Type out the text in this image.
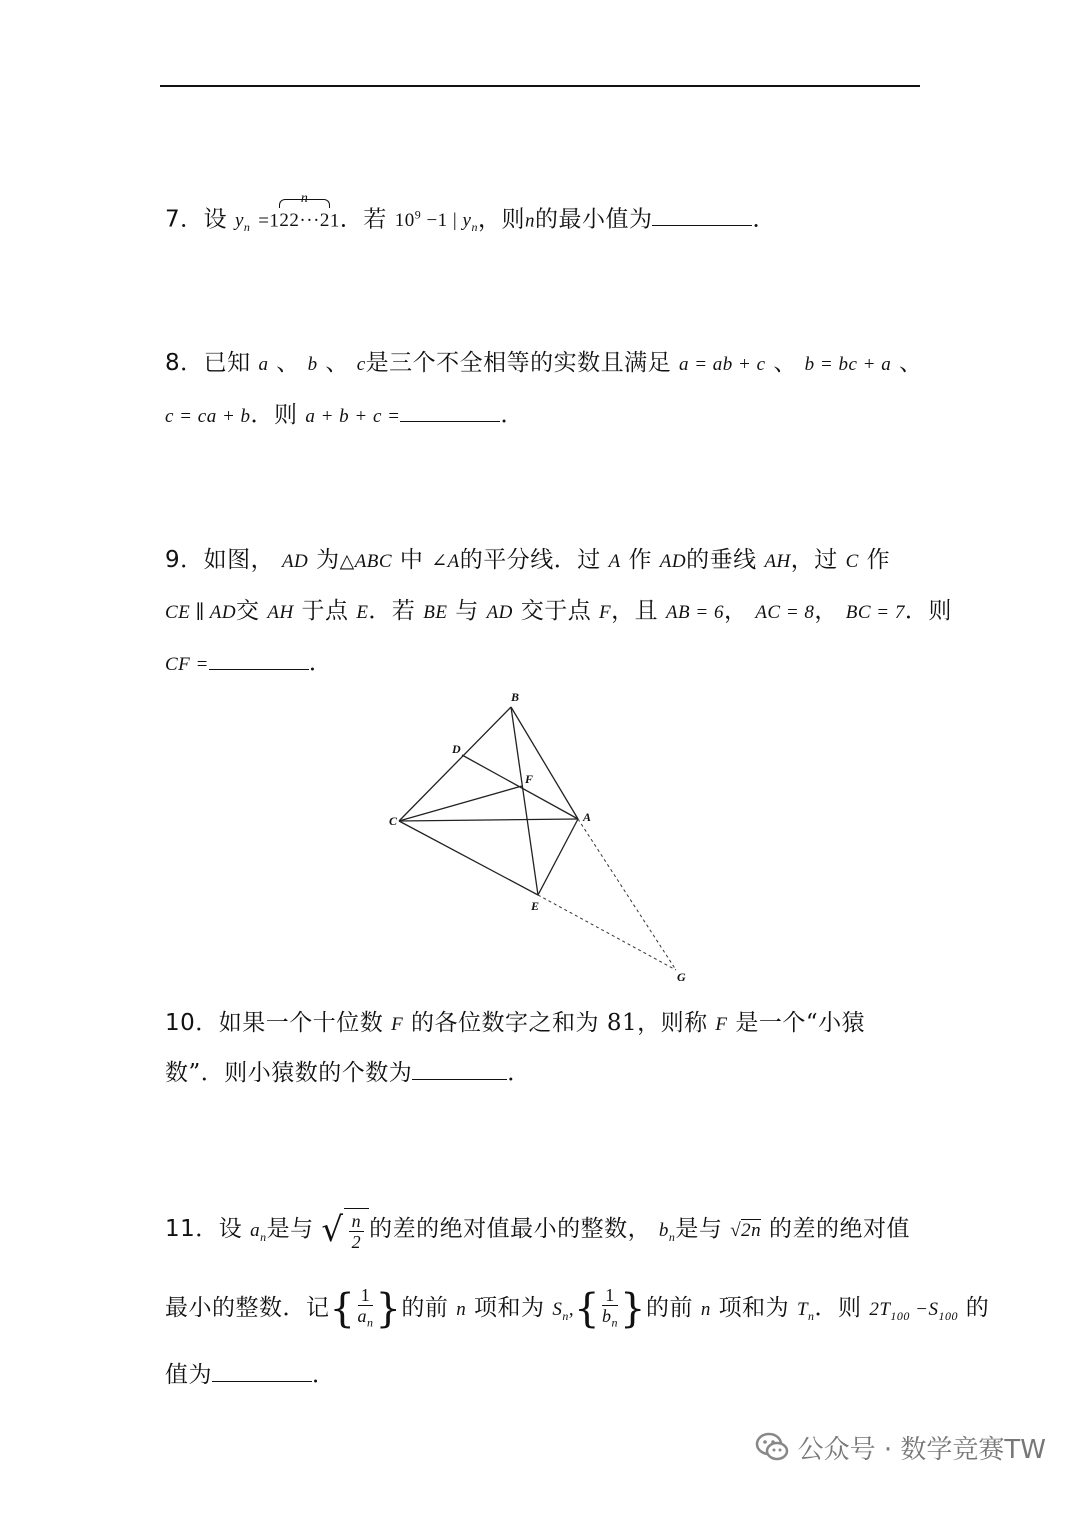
7．设 $y_n =1$
n
22···21．若 $10^9 -1$ | $y_n$，则n的最小值为	．
8．已知 a 、 b 、 c是三个不全相等的实数且满足 a = ab + c 、 b = bc + a 、
c = ca + b．则 a + b + c =	．
9．如图， AD 为△ABC 中 ∠A的平分线．过 A 作 AD的垂线 AH，过 C 作
CE ∥ AD交 AH 于点 E．若 BE 与 AD 交于点 F，且 AB = 6， AC = 8， BC = 7．则
CF =	．
B
D
F
C	A
E
G
10．如果一个十位数 F 的各位数字之和为 81，则称 F 是一个“小猿
数”．则小猿数的个数为	．
11．设 $a_n$是与 √ $\frac{n}{2}$ 的差的绝对值最小的整数， $b_n$是与 √2n 的差的绝对值
最小的整数．记{ $\frac{1}{a_n}$ }的前 n 项和为 $S_n,\{ \frac{1}{b_n}$ }的前 n 项和为 $T_n$．则 $2T_{100} -S_{100}$ 的
值为	．
公众号 · 数学竞赛TW
